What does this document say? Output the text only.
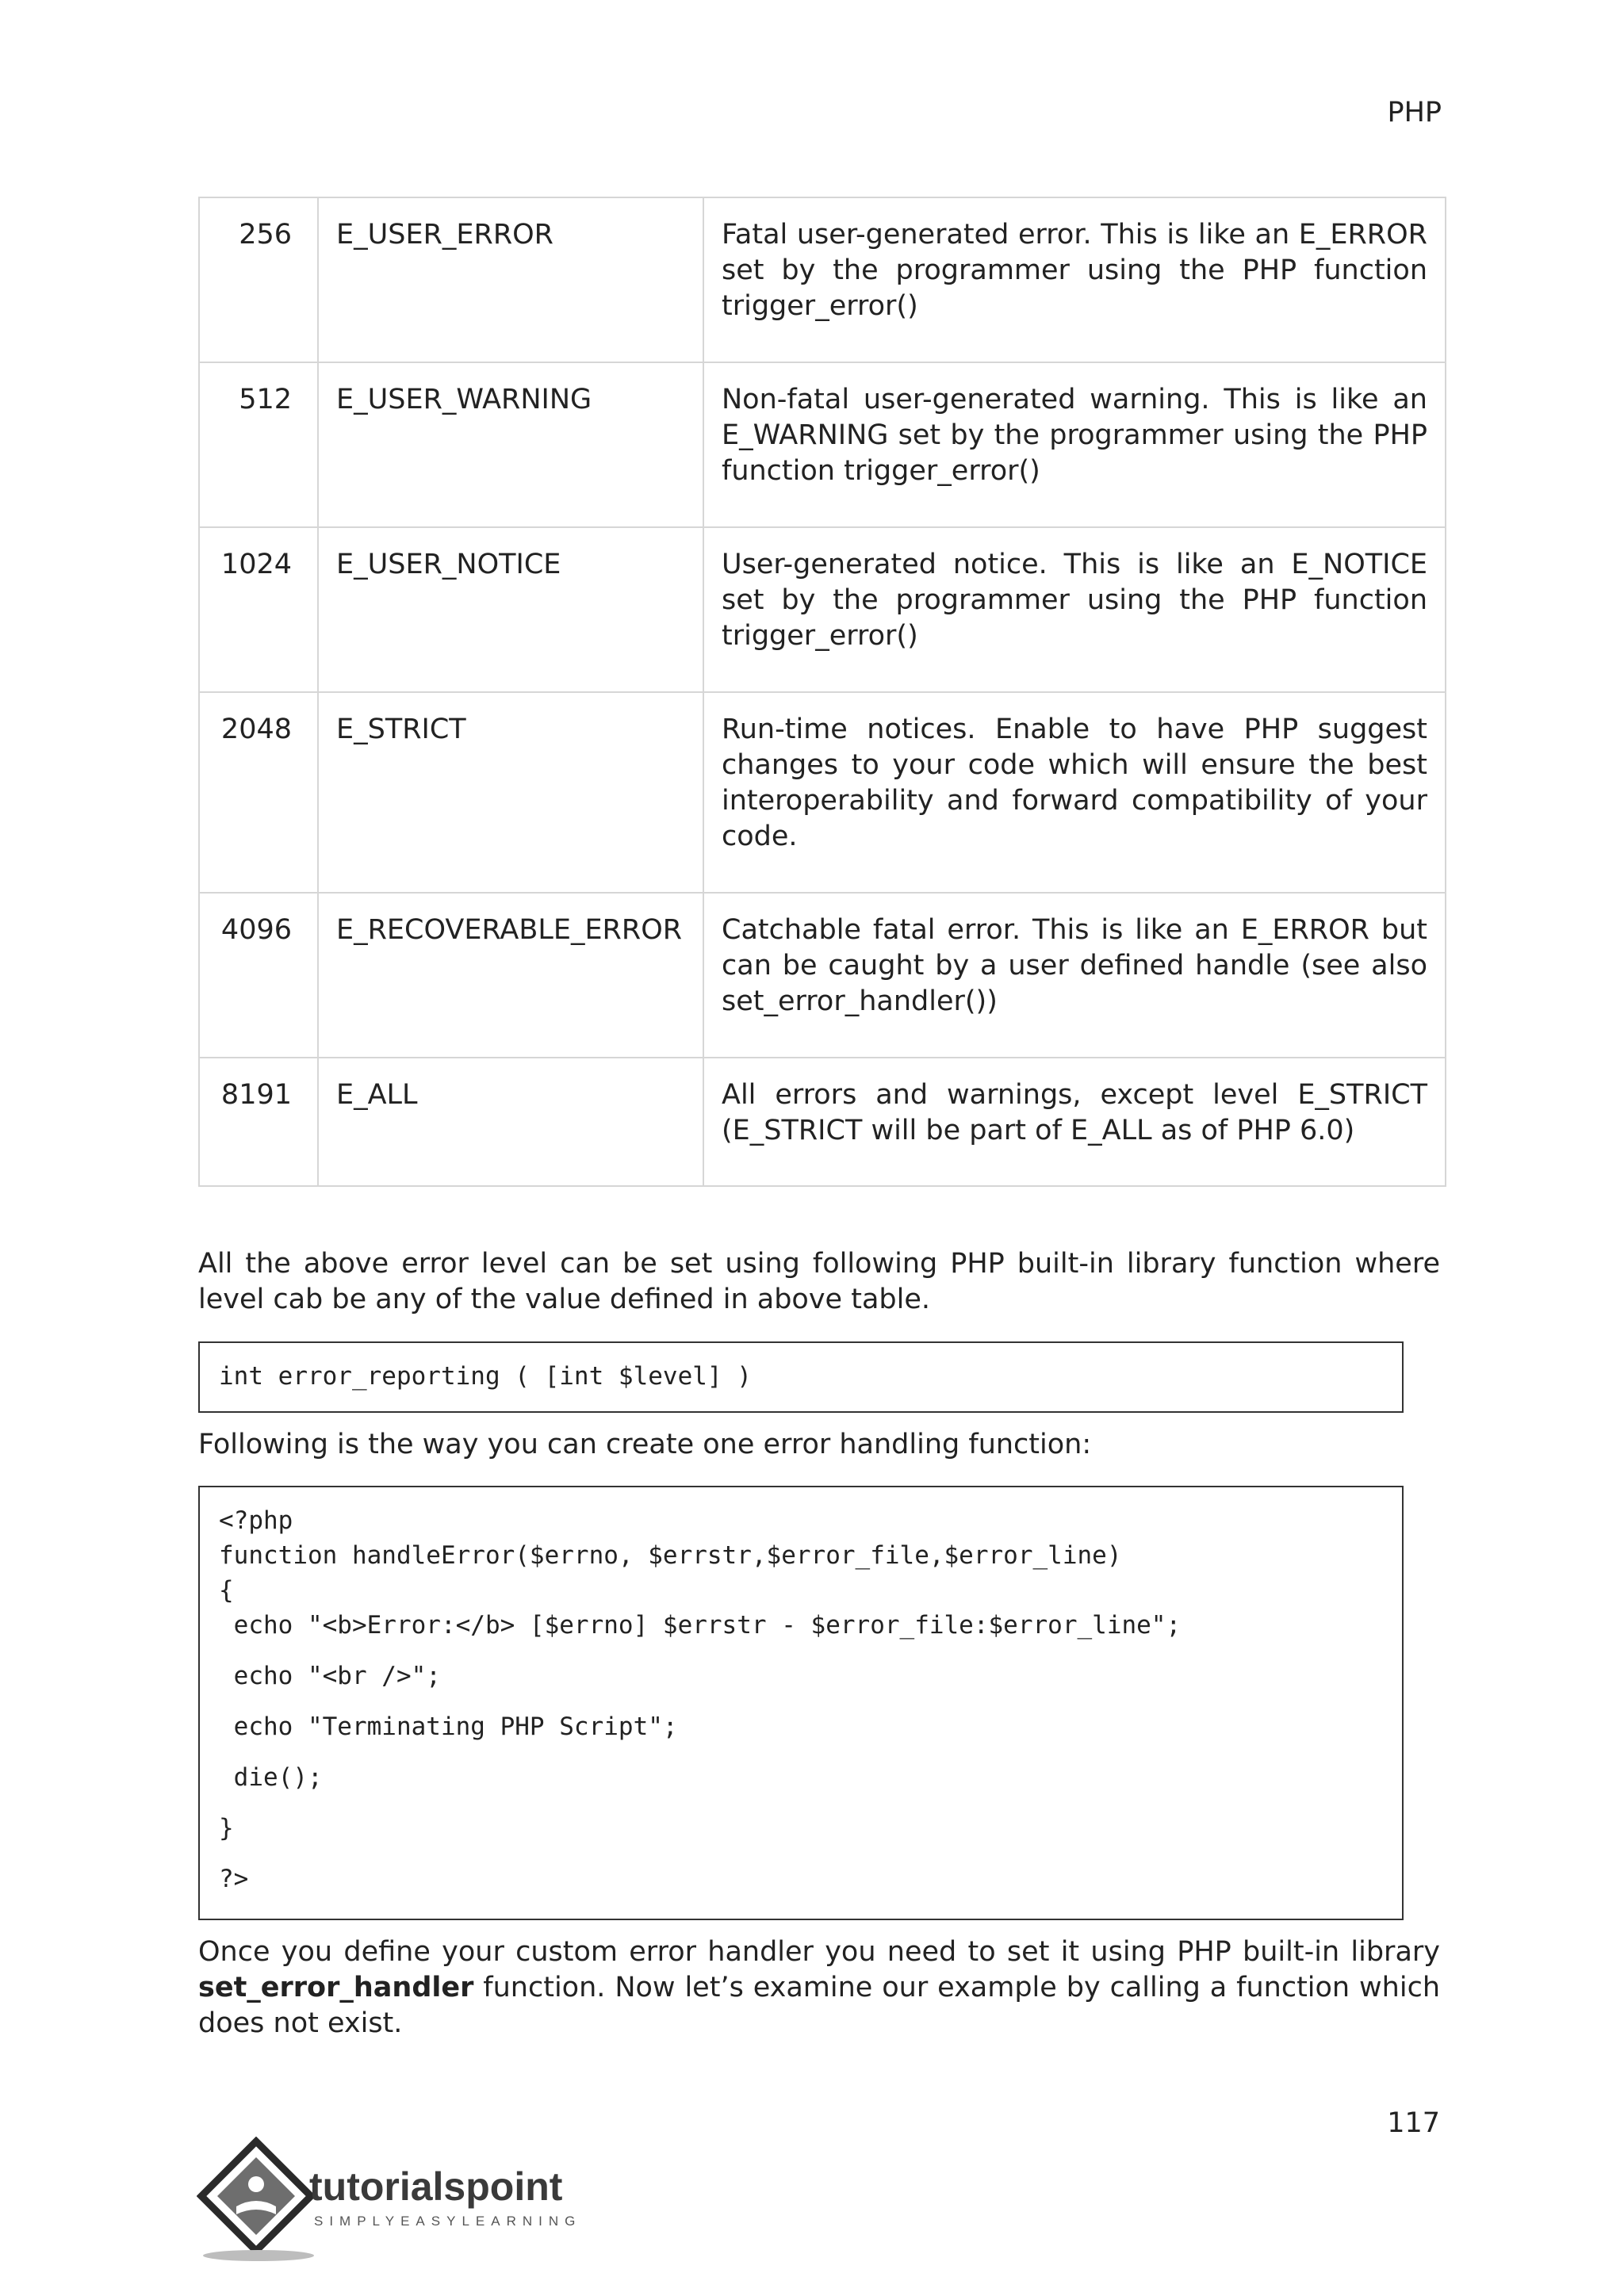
PHP
256	E_USER_ERROR	Fatal user-generated error. This is like an E_ERROR set by the programmer using the PHP function trigger_error()
512	E_USER_WARNING	Non-fatal user-generated warning. This is like an E_WARNING set by the programmer using the PHP function trigger_error()
1024	E_USER_NOTICE	User-generated notice. This is like an E_NOTICE set by the programmer using the PHP function trigger_error()
2048	E_STRICT	Run-time notices. Enable to have PHP suggest changes to your code which will ensure the best interoperability and forward compatibility of your code.
4096	E_RECOVERABLE_ERROR	Catchable fatal error. This is like an E_ERROR but can be caught by a user defined handle (see also set_error_handler())
8191	E_ALL	All errors and warnings, except level E_STRICT (E_STRICT will be part of E_ALL as of PHP 6.0)

All the above error level can be set using following PHP built-in library function where level cab be any of the value defined in above table.

int error_reporting ( [int $level] )

Following is the way you can create one error handling function:

<?php
function handleError($errno, $errstr,$error_file,$error_line)
{
echo "<b>Error:</b> [$errno] $errstr - $error_file:$error_line";
echo "<br />";
echo "Terminating PHP Script";
die();
}
?>

Once you define your custom error handler you need to set it using PHP built-in library set_error_handler function. Now let’s examine our example by calling a function which does not exist.

117
tutorialspoint
SIMPLYEASYLEARNING
